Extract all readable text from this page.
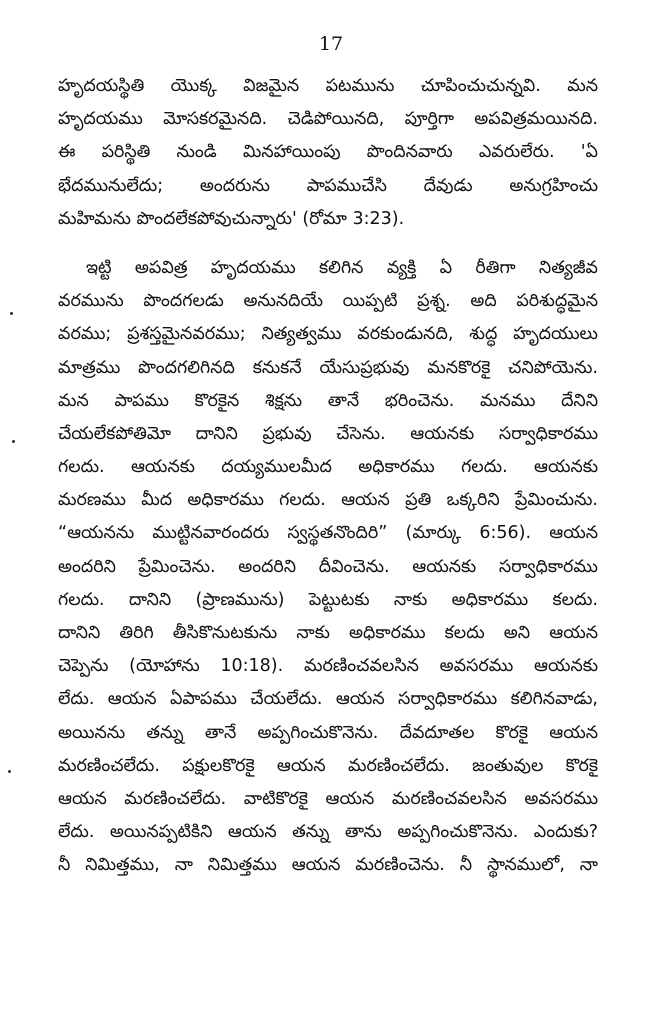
17
హృదయస్థితి యొక్క విజమైన పటమును చూపించుచున్నవి. మన
హృదయము మోసకరమైనది. చెడిపోయినది, పూర్తిగా అపవిత్రమయినది.
ఈ పరిస్థితి నుండి మినహాయింపు పొందినవారు ఎవరులేరు. 'ఏ
భేదమునులేదు; అందరును పాపముచేసి దేవుడు అనుగ్రహించు
మహిమను పొందలేకపోవుచున్నారు' (రోమా 3:23).
ఇట్టి అపవిత్ర హృదయము కలిగిన వ్యక్తి ఏ రీతిగా నిత్యజీవ
వరమును పొందగలడు అనునదియే యిప్పటి ప్రశ్న. అది పరిశుద్ధమైన
వరము; ప్రశస్తమైనవరము; నిత్యత్వము వరకుండునది, శుద్ధ హృదయులు
మాత్రము పొందగలిగినది కనుకనే యేసుప్రభువు మనకొరకై చనిపోయెను.
మన పాపము కొరకైన శిక్షను తానే భరించెను. మనము దేనిని
చేయలేకపోతిమో దానిని ప్రభువు చేసెను. ఆయనకు సర్వాధికారము
గలదు. ఆయనకు దయ్యములమీద అధికారము గలదు. ఆయనకు
మరణము మీద అధికారము గలదు. ఆయన ప్రతి ఒక్కరిని ప్రేమించును.
“ఆయనను ముట్టినవారందరు స్వస్థతనొందిరి” (మార్కు 6:56). ఆయన
అందరిని ప్రేమించెను. అందరిని దీవించెను. ఆయనకు సర్వాధికారము
గలదు. దానిని (ప్రాణమును) పెట్టుటకు నాకు అధికారము కలదు.
దానిని తిరిగి తీసికొనుటకును నాకు అధికారము కలదు అని ఆయన
చెప్పెను (యోహాను 10:18). మరణించవలసిన అవసరము ఆయనకు
లేదు. ఆయన ఏపాపము చేయలేదు. ఆయన సర్వాధికారము కలిగినవాడు,
అయినను తన్ను తానే అప్పగించుకొనెను. దేవదూతల కొరకై ఆయన
మరణించలేదు. పక్షులకొరకై ఆయన మరణించలేదు. జంతువుల కొరకై
ఆయన మరణించలేదు. వాటికొరకై ఆయన మరణించవలసిన అవసరము
లేదు. అయినప్పటికిని ఆయన తన్ను తాను అప్పగించుకొనెను. ఎందుకు?
నీ నిమిత్తము, నా నిమిత్తము ఆయన మరణించెను. నీ స్థానములో, నా
